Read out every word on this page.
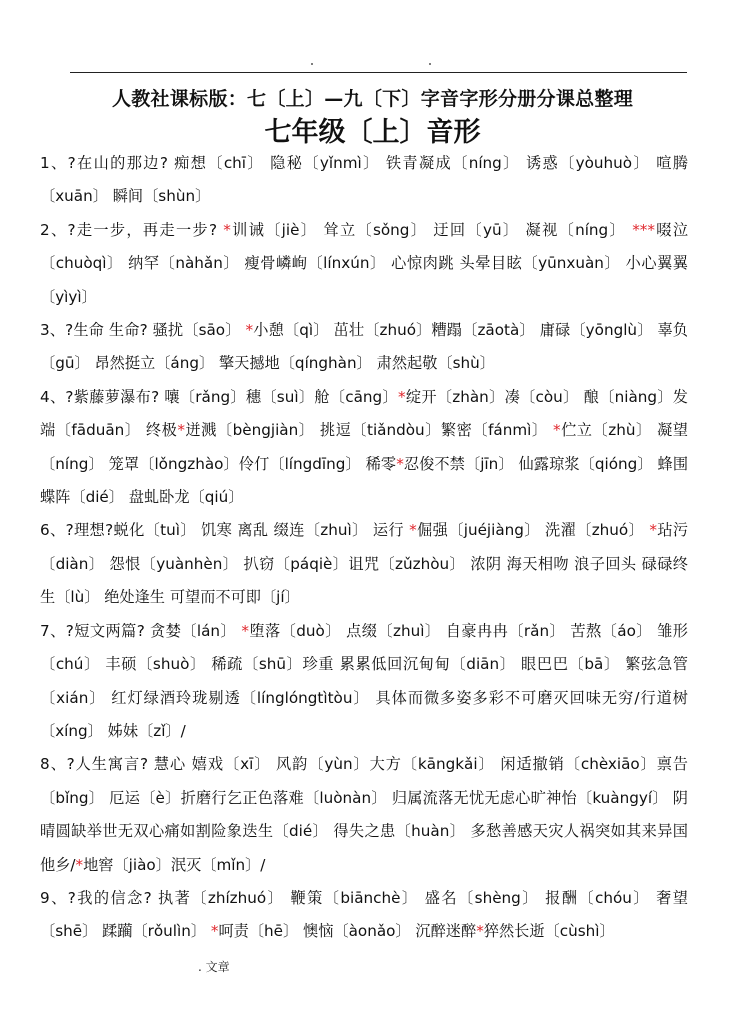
人教社课标版：七〔上〕—九〔下〕字音字形分册分课总整理
七年级〔上〕音形
1、?在山的那边? 痴想〔chī〕 隐秘〔yǐnmì〕 铁青凝成〔níng〕 诱惑〔yòuhuò〕 喧腾〔xuān〕 瞬间〔shùn〕
2、?走一步，再走一步? *训诫〔jiè〕 耸立〔sǒng〕 迂回〔yū〕 凝视〔níng〕 ***啜泣〔chuòqì〕 纳罕〔nàhǎn〕 瘦骨嶙峋〔línxún〕 心惊肉跳 头晕目眩〔yūnxuàn〕 小心翼翼〔yìyì〕
3、?生命 生命? 骚扰〔sāo〕 *小憩〔qì〕 茁壮〔zhuó〕糟蹋〔zāotà〕 庸碌〔yōnglù〕 辜负〔gū〕 昂然挺立〔áng〕 擎天撼地〔qínghàn〕 肃然起敬〔shù〕
4、?紫藤萝瀑布? 嚷〔rǎng〕穗〔suì〕舱〔cāng〕*绽开〔zhàn〕凑〔còu〕 酿〔niàng〕发端〔fāduān〕 终极*迸溅〔bèngjiàn〕 挑逗〔tiǎndòu〕繁密〔fánmì〕 *伫立〔zhù〕 凝望〔níng〕 笼罩〔lǒngzhào〕伶仃〔língdīng〕 稀零*忍俊不禁〔jīn〕 仙露琼浆〔qióng〕 蜂围蝶阵〔dié〕 盘虬卧龙〔qiú〕
6、?理想?蜕化〔tuì〕 饥寒 离乱 缀连〔zhuì〕 运行 *倔强〔juéjiàng〕 洗濯〔zhuó〕 *玷污〔diàn〕 怨恨〔yuànhèn〕 扒窃〔páqiè〕诅咒〔zǔzhòu〕 浓阴 海天相吻 浪子回头 碌碌终生〔lù〕 绝处逢生 可望而不可即〔jí〕
7、?短文两篇? 贪婪〔lán〕 *堕落〔duò〕 点缀〔zhuì〕 自豪冉冉〔rǎn〕 苦熬〔áo〕 雏形〔chú〕 丰硕〔shuò〕 稀疏〔shū〕珍重 累累低回沉甸甸〔diān〕 眼巴巴〔bā〕 繁弦急管〔xián〕 红灯绿酒玲珑剔透〔línglóngtìtòu〕 具体而微多姿多彩不可磨灭回味无穷/行道树〔xíng〕 姊妹〔zǐ〕/
8、?人生寓言? 慧心 嬉戏〔xī〕 风韵〔yùn〕大方〔kāngkǎi〕 闲适撤销〔chèxiāo〕禀告〔bǐng〕 厄运〔è〕折磨行乞正色落难〔luònàn〕 归属流落无忧无虑心旷神怡〔kuàngyí〕 阴晴圆缺举世无双心痛如割险象迭生〔dié〕 得失之患〔huàn〕 多愁善感天灾人祸突如其来异国他乡/*地窖〔jiào〕泯灭〔mǐn〕/
9、?我的信念? 执著〔zhízhuó〕 鞭策〔biānchè〕 盛名〔shèng〕 报酬〔chóu〕 奢望〔shē〕 蹂躏〔rǒulìn〕 *呵责〔hē〕 懊恼〔àonǎo〕 沉醉迷醉*猝然长逝〔cùshì〕
. 文章
